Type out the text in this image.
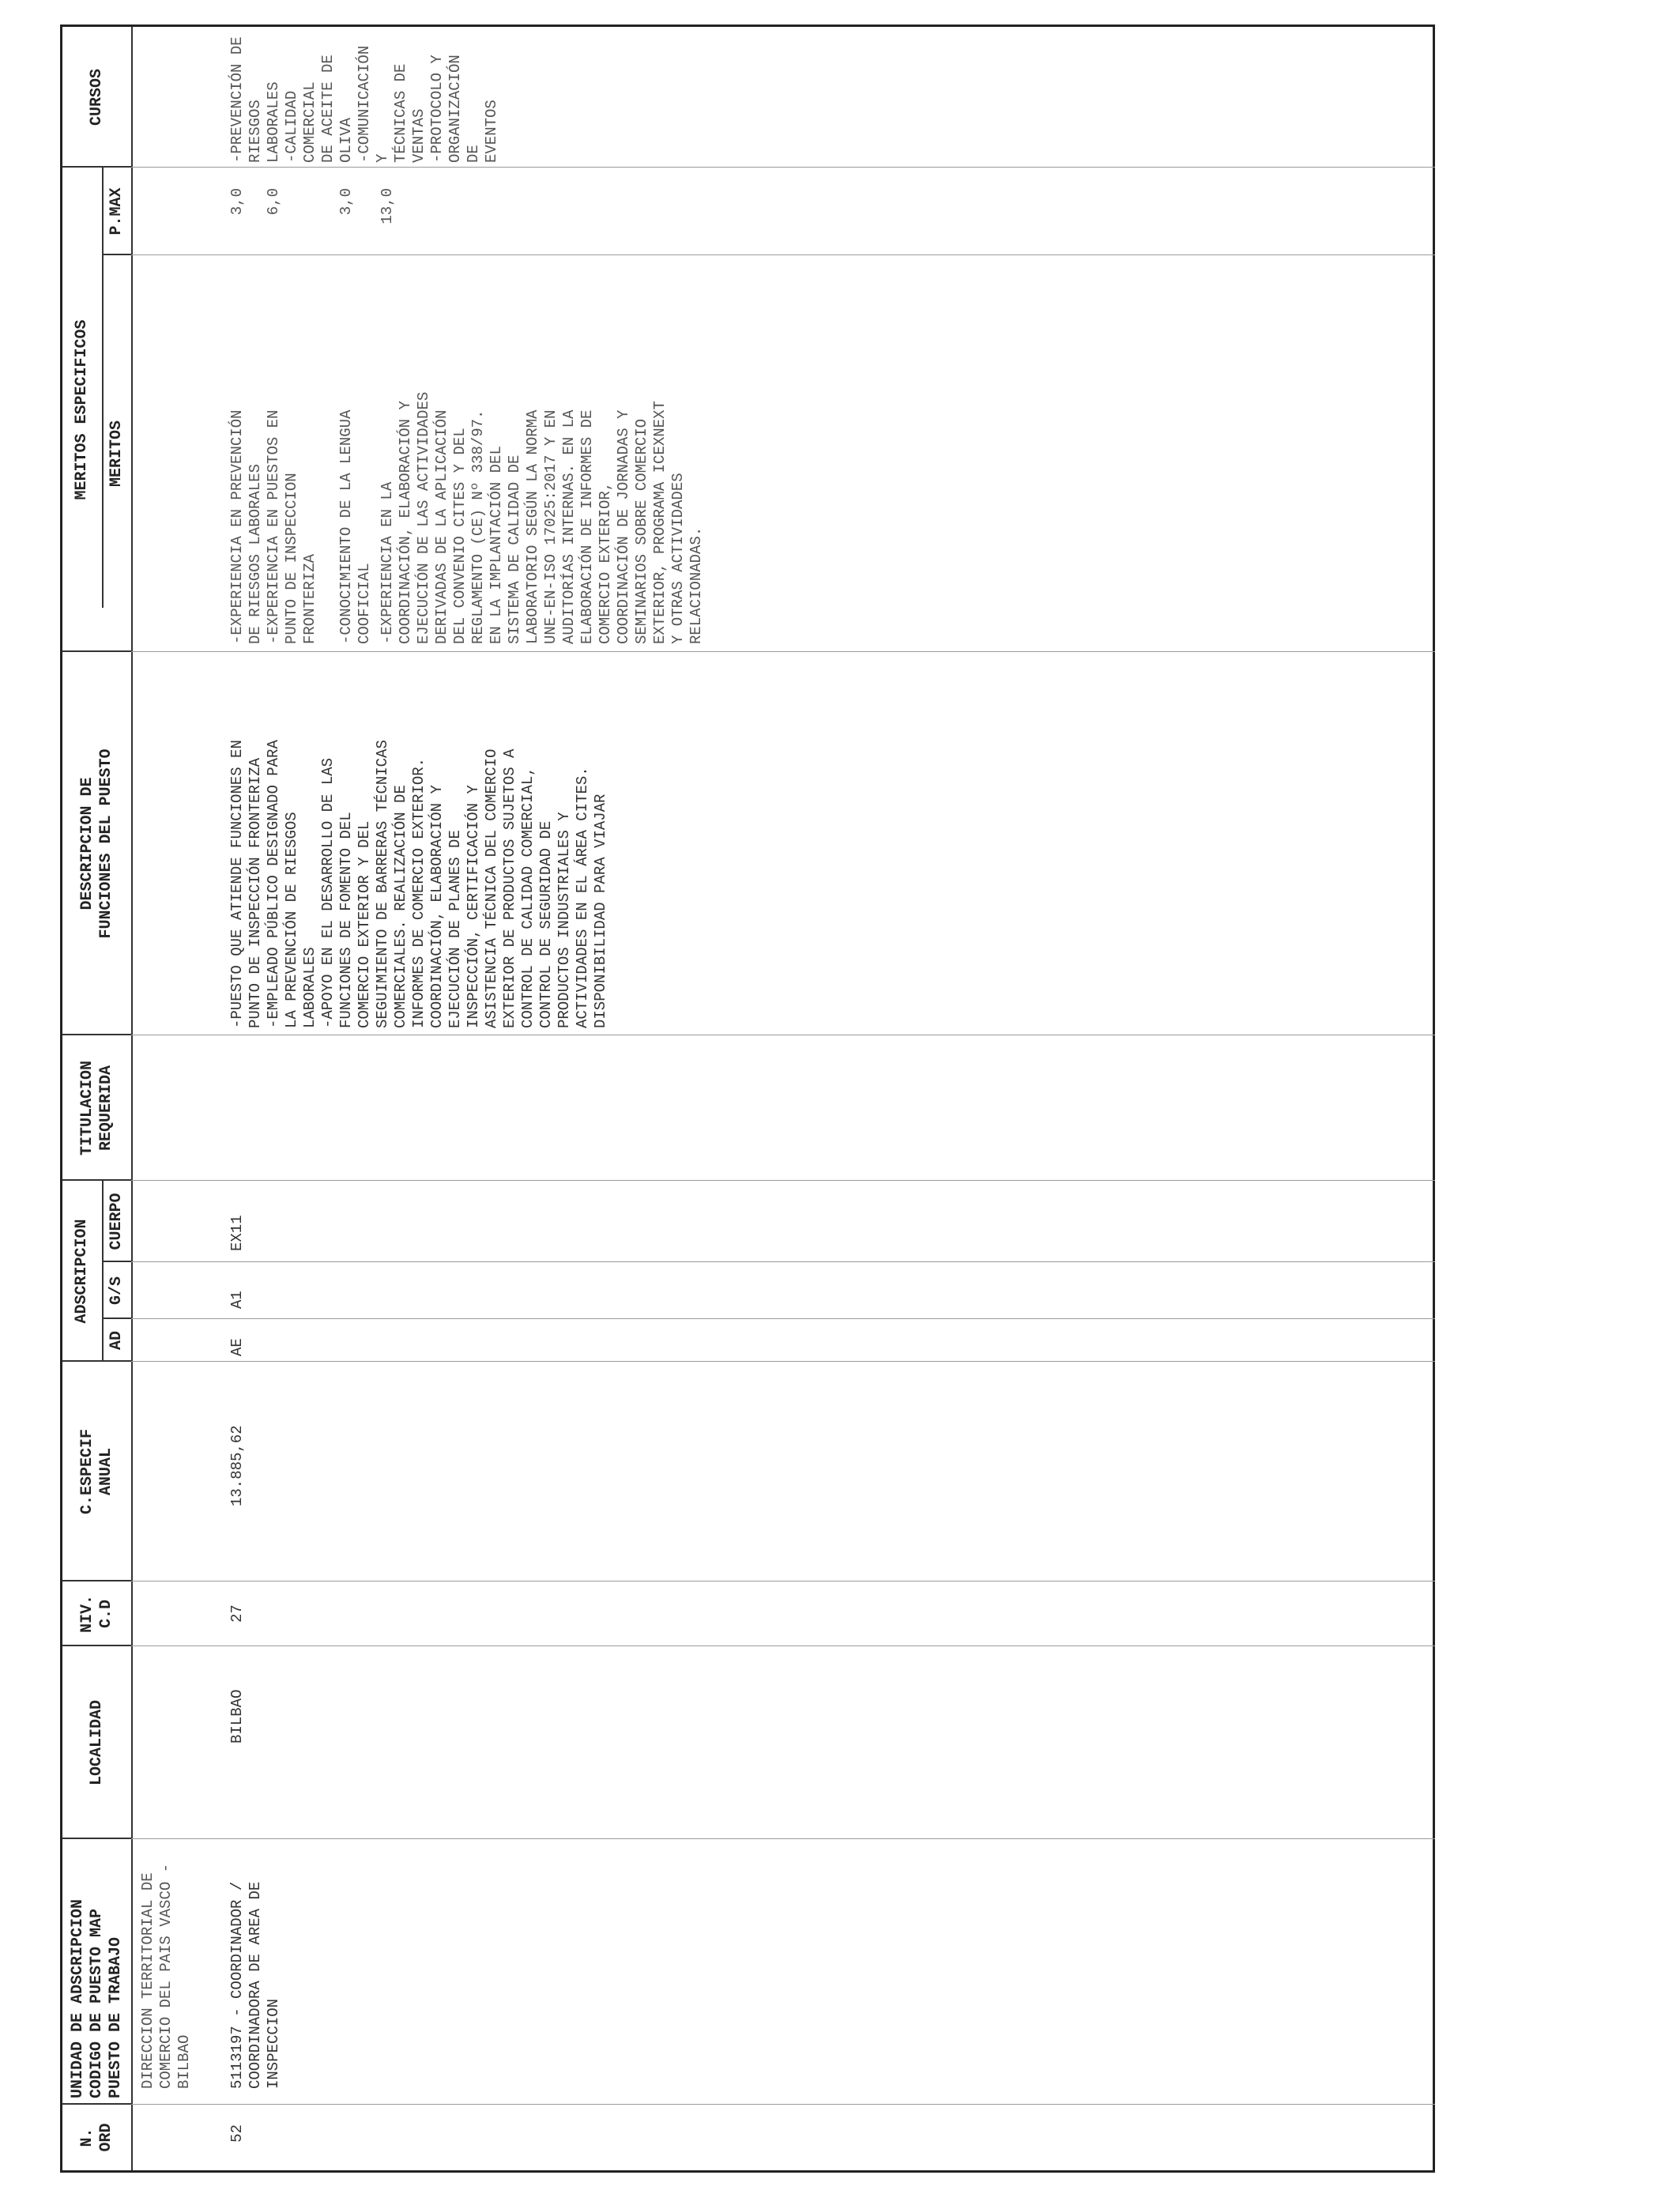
N.
ORD
UNIDAD DE ADSCRIPCION
CODIGO DE PUESTO MAP
PUESTO DE TRABAJO
LOCALIDAD
NIV.
C.D
C.ESPECIF
ANUAL
ADSCRIPCION
AD
G/S
CUERPO
TITULACION
REQUERIDA
DESCRIPCION DE
FUNCIONES DEL PUESTO
MERITOS ESPECIFICOS	MERITOS
P.MAX
CURSOS
DIRECCION TERRITORIAL DE
COMERCIO DEL PAIS VASCO -
BILBAO
52
5113197 - COORDINADOR /
COORDINADORA DE AREA DE
INSPECCION
BILBAO
27
13.885,62
AE
A1
EX11
-PUESTO QUE ATIENDE FUNCIONES EN
PUNTO DE INSPECCIÓN FRONTERIZA
-EMPLEADO PÚBLICO DESIGNADO PARA
LA PREVENCIÓN DE RIESGOS
LABORALES
-APOYO EN EL DESARROLLO DE LAS
FUNCIONES DE FOMENTO DEL
COMERCIO EXTERIOR Y DEL
SEGUIMIENTO DE BARRERAS TÉCNICAS
COMERCIALES. REALIZACIÓN DE
INFORMES DE COMERCIO EXTERIOR.
COORDINACIÓN, ELABORACIÓN Y
EJECUCIÓN DE PLANES DE
INSPECCIÓN, CERTIFICACIÓN Y
ASISTENCIA TÉCNICA DEL COMERCIO
EXTERIOR DE PRODUCTOS SUJETOS A
CONTROL DE CALIDAD COMERCIAL,
CONTROL DE SEGURIDAD DE
PRODUCTOS INDUSTRIALES Y
ACTIVIDADES EN EL ÁREA CITES.
DISPONIBILIDAD PARA VIAJAR
-EXPERIENCIA EN PREVENCIÓN
DE RIESGOS LABORALES
3,0
-EXPERIENCIA EN PUESTOS EN
PUNTO DE INSPECCION
FRONTERIZA
6,0
-CONOCIMIENTO DE LA LENGUA
COOFICIAL
3,0
-EXPERIENCIA EN LA
COORDINACIÓN, ELABORACIÓN Y
EJECUCIÓN DE LAS ACTIVIDADES
DERIVADAS DE LA APLICACIÓN
DEL CONVENIO CITES Y DEL
REGLAMENTO (CE) Nº 338/97.
EN LA IMPLANTACIÓN DEL
SISTEMA DE CALIDAD DE
LABORATORIO SEGÚN LA NORMA
UNE-EN-ISO 17025:2017 Y EN
AUDITORÍAS INTERNAS. EN LA
ELABORACIÓN DE INFORMES DE
COMERCIO EXTERIOR,
COORDINACIÓN DE JORNADAS Y
SEMINARIOS SOBRE COMERCIO
EXTERIOR, PROGRAMA ICEXNEXT
Y OTRAS ACTIVIDADES
RELACIONADAS.
13,0
-PREVENCIÓN DE
RIESGOS LABORALES
-CALIDAD COMERCIAL
DE ACEITE DE OLIVA
-COMUNICACIÓN Y
TÉCNICAS DE VENTAS
-PROTOCOLO Y
ORGANIZACIÓN DE
EVENTOS
